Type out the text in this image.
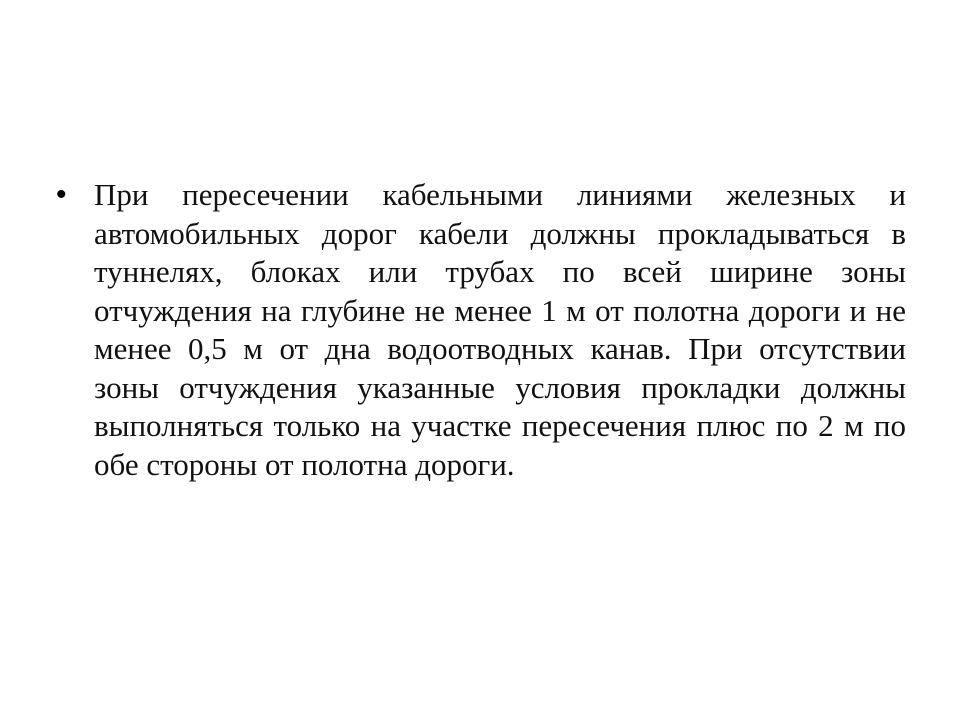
• При пересечении кабельными линиями железных и автомобильных дорог кабели должны прокладываться в туннелях, блоках или трубах по всей ширине зоны отчуждения на глубине не менее 1 м от полотна дороги и не менее 0,5 м от дна водоотводных канав. При отсутствии зоны отчуждения указанные условия прокладки должны выполняться только на участке пересечения плюс по 2 м по обе стороны от полотна дороги.
